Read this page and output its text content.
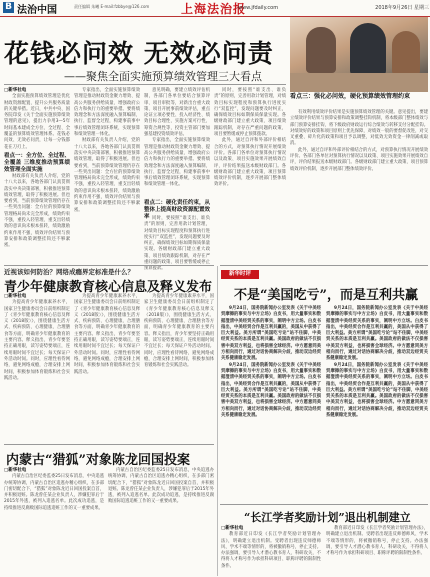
B 法治中国	责任编辑 朱曦 E-mail:fzbbye@126.com	上海法治报
www.jfdaily.com	2018年9月26日 星期三
花钱必问效 无效必问责
——聚焦全面实施预算绩效管理三大看点
看点三：强化必问效，硬化预算绩效管理约束
□新华社电

全面实施预算绩效管理是优化财政资源配置、提升公共服务质量的关键举措。近日，中共中央、国务院印发《关于全面实施预算绩效管理的意见》，提出力争用3—5年时间基本建成全方位、全过程、全覆盖的预算绩效管理体系。花钱必问效、无效必问责，让每一分钱都花在刀刃上。

看点一：全方位、全过程、全覆盖 三维度推动预算绩效管理全面实施

财政部有关负责人介绍，党的十八大以来，各地各部门认真贯彻落实中央决策部署，积极推进预算绩效管理，取得了积极进展。但也要看到，当前预算绩效管理仍存在一些突出问题：全方位的预算绩效管理格局尚未完全形成，绩效约束不强，重投入轻管理、重支出轻绩效的意识尚未根本扭转，绩效激励约束作用不强，绩效评价结果与预算安排和政策调整挂钩还不够紧密。

专家指出，全面实施预算绩效管理是推动财政资金聚力增效、提高公共服务供给质量、增强政府公信力和执行力的重要举措。要将绩效理念和方法深度融入预算编制、执行、监督全过程，构建事前事中事后绩效管理闭环系统，实现预算和绩效管理一体化。

财政部有关负责人介绍，党的十八大以来，各地各部门认真贯彻落实中央决策部署，积极推进预算绩效管理，取得了积极进展。但也要看到，当前预算绩效管理仍存在一些突出问题：全方位的预算绩效管理格局尚未完全形成，绩效约束不强，重投入轻管理、重支出轻绩效的意识尚未根本扭转，绩效激励约束作用不强，绩效评价结果与预算安排和政策调整挂钩还不够紧密。

意见明确，要建立绩效评估机制，各部门各单位要结合预算评审、项目审批等，对新出台重大政策、项目开展事前绩效评估，重点论证立项必要性、投入经济性、绩效目标合理性、实施方案可行性、筹资合规性等，投资主管部门要加强基建投资绩效评估。

专家指出，全面实施预算绩效管理是推动财政资金聚力增效、提高公共服务供给质量、增强政府公信力和执行力的重要举措。要将绩效理念和方法深度融入预算编制、执行、监督全过程，构建事前事中事后绩效管理闭环系统，实现预算和绩效管理一体化。

看点二：硬化责任约束，从整体上提高财政资源配置效率 同时，要按照“谁支出、谁负责”的原则，完善用款计划管理，对绩效目标实现程度和预算执行进度实行“双监控”，发现问题要及时纠正，确保绩效目标如期保质保量实现。各级财政部门建立重大政策、项目绩效跟踪机制，对存在严重问题的政策、项目要暂缓或停止预算拨款。

同时，要按照“谁支出、谁负责”的原则，完善用款计划管理，对绩效目标实现程度和预算执行进度实行“双监控”，发现问题要及时纠正，确保绩效目标如期保质保量实现。各级财政部门建立重大政策、项目绩效跟踪机制，对存在严重问题的政策、项目要暂缓或停止预算拨款。

此外，通过自评和外部评价相结合的方式，对预算执行情况开展绩效评价。各部门各单位对预算执行情况以及政策、项目实施效果开展绩效自评，评价结果报送本级财政部门。各级财政部门建立重大政策、项目预算绩效评价机制，逐步开展部门整体绩效评价。

有效利用绩效评价结果是实施预算绩效管理的关键。意见提出，要建立绩效评价结果与预算安排和政策调整挂钩机制，将本级部门整体绩效与部门预算安排挂钩，将下级政府财政运行综合绩效与转移支付分配挂钩。对绩效好的政策和项目原则上优先保障，对绩效一般的要督促改进，对交叉重叠、碎片化的政策和项目予以调整，对低效无效资金一律削减或取消。

此外，通过自评和外部评价相结合的方式，对预算执行情况开展绩效评价。各部门各单位对预算执行情况以及政策、项目实施效果开展绩效自评，评价结果报送本级财政部门。各级财政部门建立重大政策、项目预算绩效评价机制，逐步开展部门整体绩效评价。

近视该如何防治？网络成瘾界定标准是什么？
青少年健康教育核心信息及释义发布
□新华社电

为提高青少年健康素养水平，国家卫生健康委员会日前组织制定了《青少年健康教育核心信息及释义（2018版）》，围绕健康生活方式、疾病预防、心理健康、合理膳食等方面，明确青少年健康教育的主要内容。释义指出，青少年要坚持正确用眼，读写姿势要端正，连续用眼时间不宜过长；每天保证户外活动时间。同时，应理性看待网络，避免网络成瘾，合理安排上网时间，积极参加体育锻炼和社会实践活动。

为提高青少年健康素养水平，国家卫生健康委员会日前组织制定了《青少年健康教育核心信息及释义（2018版）》，围绕健康生活方式、疾病预防、心理健康、合理膳食等方面，明确青少年健康教育的主要内容。释义指出，青少年要坚持正确用眼，读写姿势要端正，连续用眼时间不宜过长；每天保证户外活动时间。同时，应理性看待网络，避免网络成瘾，合理安排上网时间，积极参加体育锻炼和社会实践活动。

为提高青少年健康素养水平，国家卫生健康委员会日前组织制定了《青少年健康教育核心信息及释义（2018版）》，围绕健康生活方式、疾病预防、心理健康、合理膳食等方面，明确青少年健康教育的主要内容。释义指出，青少年要坚持正确用眼，读写姿势要端正，连续用眼时间不宜过长；每天保证户外活动时间。同时，应理性看待网络，避免网络成瘾，合理安排上网时间，积极参加体育锻炼和社会实践活动。

内蒙古“猎狐”对象陈龙回国投案
□新华社电

内蒙古自治区纪委监委25日发布消息，中央追逃办统筹协调，内蒙古自治区追逃办精心组织，在多部门密切配合下，“猎狐”对象陈龙近日回国投案自首，并积极退赃。陈龙曾任某企业负责人，涉嫌犯罪后于2015年外逃，被列入追逃名单。此次成功追逃，是持续推进反腐败国际追逃追赃工作的又一重要成果。

内蒙古自治区纪委监委25日发布消息，中央追逃办统筹协调，内蒙古自治区追逃办精心组织，在多部门密切配合下，“猎狐”对象陈龙近日回国投案自首，并积极退赃。陈龙曾任某企业负责人，涉嫌犯罪后于2015年外逃，被列入追逃名单。此次成功追逃，是持续推进反腐败国际追逃追赃工作的又一重要成果。

新华时评
不是“美国吃亏”，而是互利共赢

9月24日，国务院新闻办公室发表《关于中美经贸摩擦的事实与中方立场》白皮书，用大量事实和数据澄清中美经贸关系的事实，阐明中方立场。白皮书指出，中美经贸合作是互利共赢的，美国从中获得了巨大利益。美方所谓“美国吃亏论”站不住脚，中美经贸关系的本质是互利共赢。美国政府的做法不仅损害中美双方利益，也将损害全球经济。中方愿意同美方相向而行，通过对话协商解决分歧，推动双边经贸关系健康稳定发展。

9月24日，国务院新闻办公室发表《关于中美经贸摩擦的事实与中方立场》白皮书，用大量事实和数据澄清中美经贸关系的事实，阐明中方立场。白皮书指出，中美经贸合作是互利共赢的，美国从中获得了巨大利益。美方所谓“美国吃亏论”站不住脚，中美经贸关系的本质是互利共赢。美国政府的做法不仅损害中美双方利益，也将损害全球经济。中方愿意同美方相向而行，通过对话协商解决分歧，推动双边经贸关系健康稳定发展。

9月24日，国务院新闻办公室发表《关于中美经贸摩擦的事实与中方立场》白皮书，用大量事实和数据澄清中美经贸关系的事实，阐明中方立场。白皮书指出，中美经贸合作是互利共赢的，美国从中获得了巨大利益。美方所谓“美国吃亏论”站不住脚，中美经贸关系的本质是互利共赢。美国政府的做法不仅损害中美双方利益，也将损害全球经济。中方愿意同美方相向而行，通过对话协商解决分歧，推动双边经贸关系健康稳定发展。

9月24日，国务院新闻办公室发表《关于中美经贸摩擦的事实与中方立场》白皮书，用大量事实和数据澄清中美经贸关系的事实，阐明中方立场。白皮书指出，中美经贸合作是互利共赢的，美国从中获得了巨大利益。美方所谓“美国吃亏论”站不住脚，中美经贸关系的本质是互利共赢。美国政府的做法不仅损害中美双方利益，也将损害全球经济。中方愿意同美方相向而行，通过对话协商解决分歧，推动双边经贸关系健康稳定发展。

“长江学者奖励计划”退出机制建立
□新华社电

教育部近日印发《长江学者奖励计划管理办法》，明确建立退出机制。受聘者出现违反师德师风、学术不端等情形的，将被撤销称号，停止支持。办法强调，要引导人才潜心教书育人、科研攻关，不得将人才称号作为承担科研项目、职称评聘的限制性条件。

教育部近日印发《长江学者奖励计划管理办法》，明确建立退出机制。受聘者出现违反师德师风、学术不端等情形的，将被撤销称号，停止支持。办法强调，要引导人才潜心教书育人、科研攻关，不得将人才称号作为承担科研项目、职称评聘的限制性条件。
